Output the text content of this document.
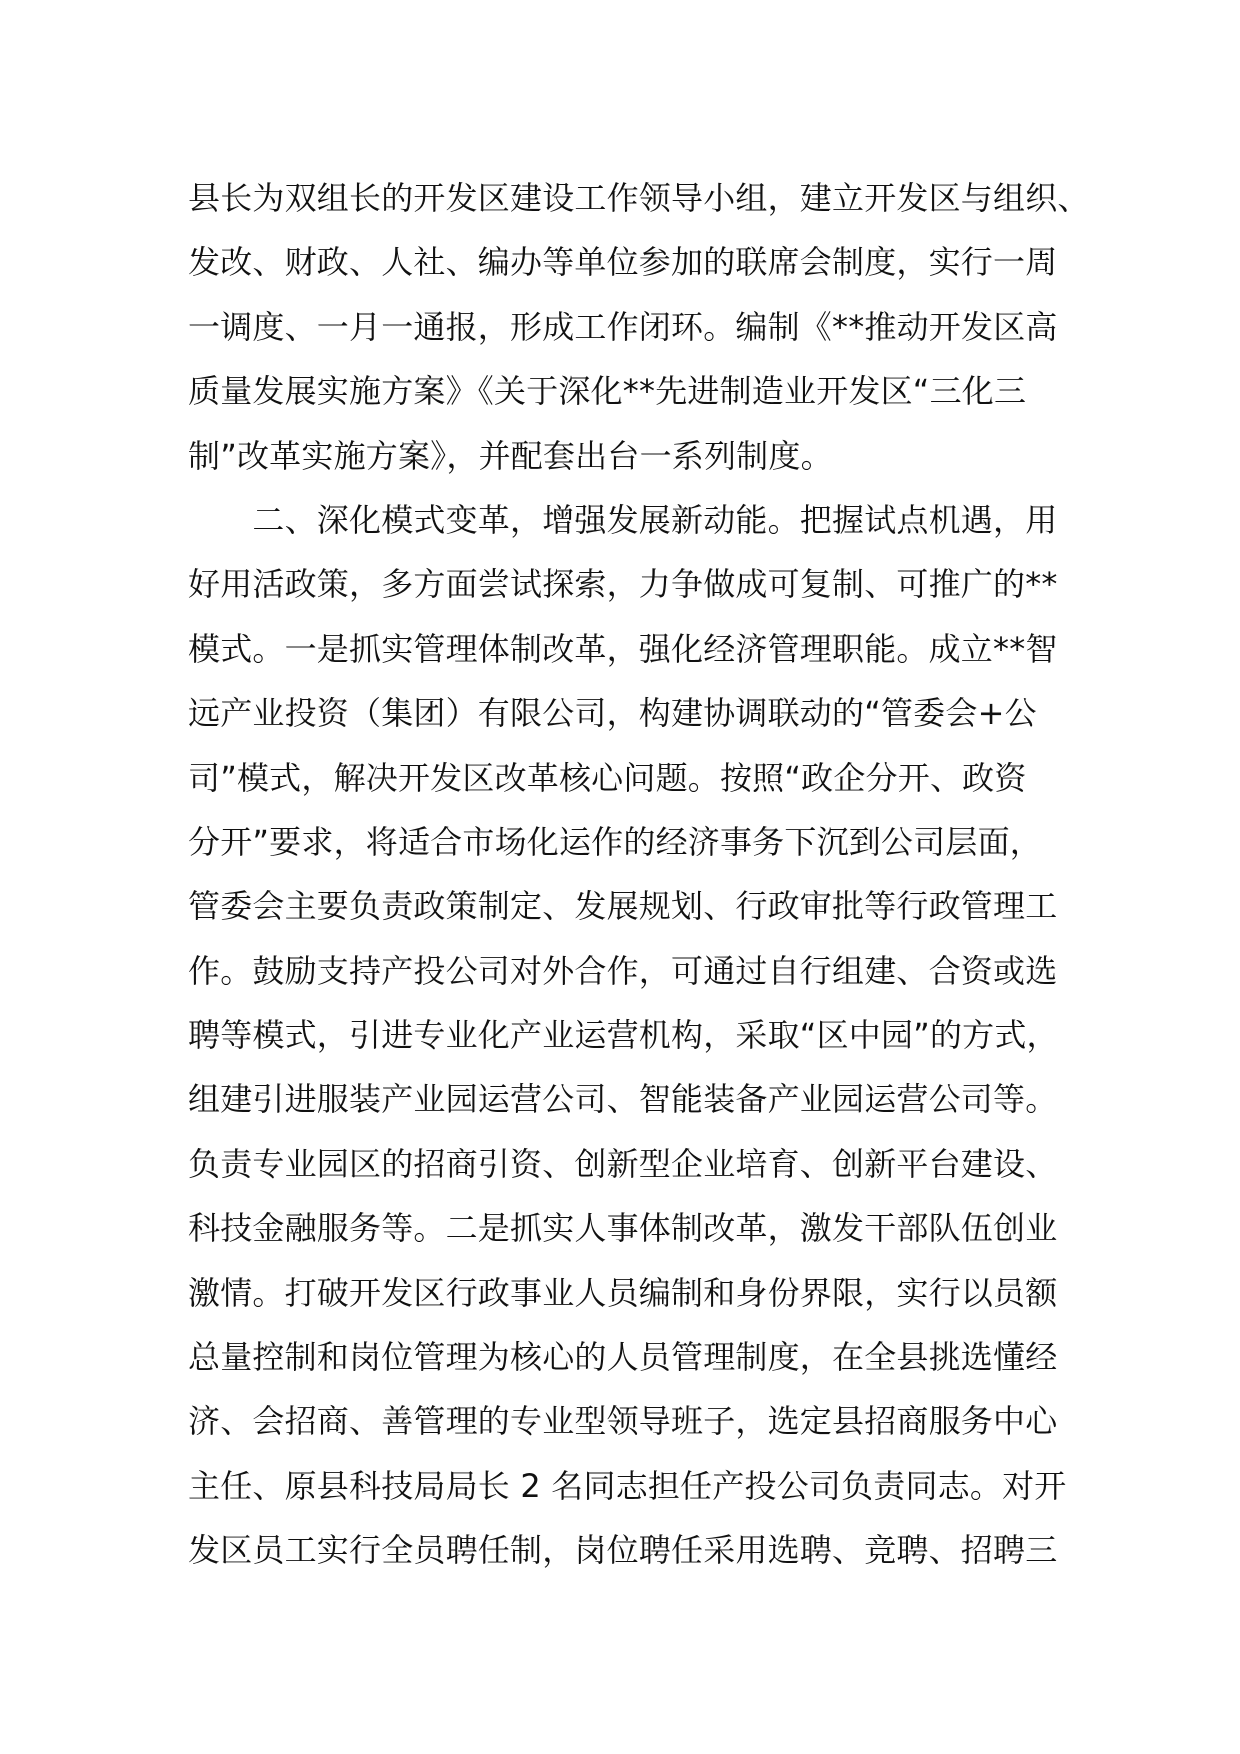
县长为双组长的开发区建设工作领导小组，建立开发区与组织、
发改、财政、人社、编办等单位参加的联席会制度，实行一周
一调度、一月一通报，形成工作闭环。编制《**推动开发区高
质量发展实施方案》《关于深化**先进制造业开发区“三化三
制”改革实施方案》，并配套出台一系列制度。
　　二、深化模式变革，增强发展新动能。把握试点机遇，用
好用活政策，多方面尝试探索，力争做成可复制、可推广的**
模式。一是抓实管理体制改革，强化经济管理职能。成立**智
远产业投资（集团）有限公司，构建协调联动的“管委会+公
司”模式，解决开发区改革核心问题。按照“政企分开、政资
分开”要求，将适合市场化运作的经济事务下沉到公司层面，
管委会主要负责政策制定、发展规划、行政审批等行政管理工
作。鼓励支持产投公司对外合作，可通过自行组建、合资或选
聘等模式，引进专业化产业运营机构，采取“区中园”的方式，
组建引进服装产业园运营公司、智能装备产业园运营公司等。
负责专业园区的招商引资、创新型企业培育、创新平台建设、
科技金融服务等。二是抓实人事体制改革，激发干部队伍创业
激情。打破开发区行政事业人员编制和身份界限，实行以员额
总量控制和岗位管理为核心的人员管理制度，在全县挑选懂经
济、会招商、善管理的专业型领导班子，选定县招商服务中心
主任、原县科技局局长 2 名同志担任产投公司负责同志。对开
发区员工实行全员聘任制，岗位聘任采用选聘、竞聘、招聘三
